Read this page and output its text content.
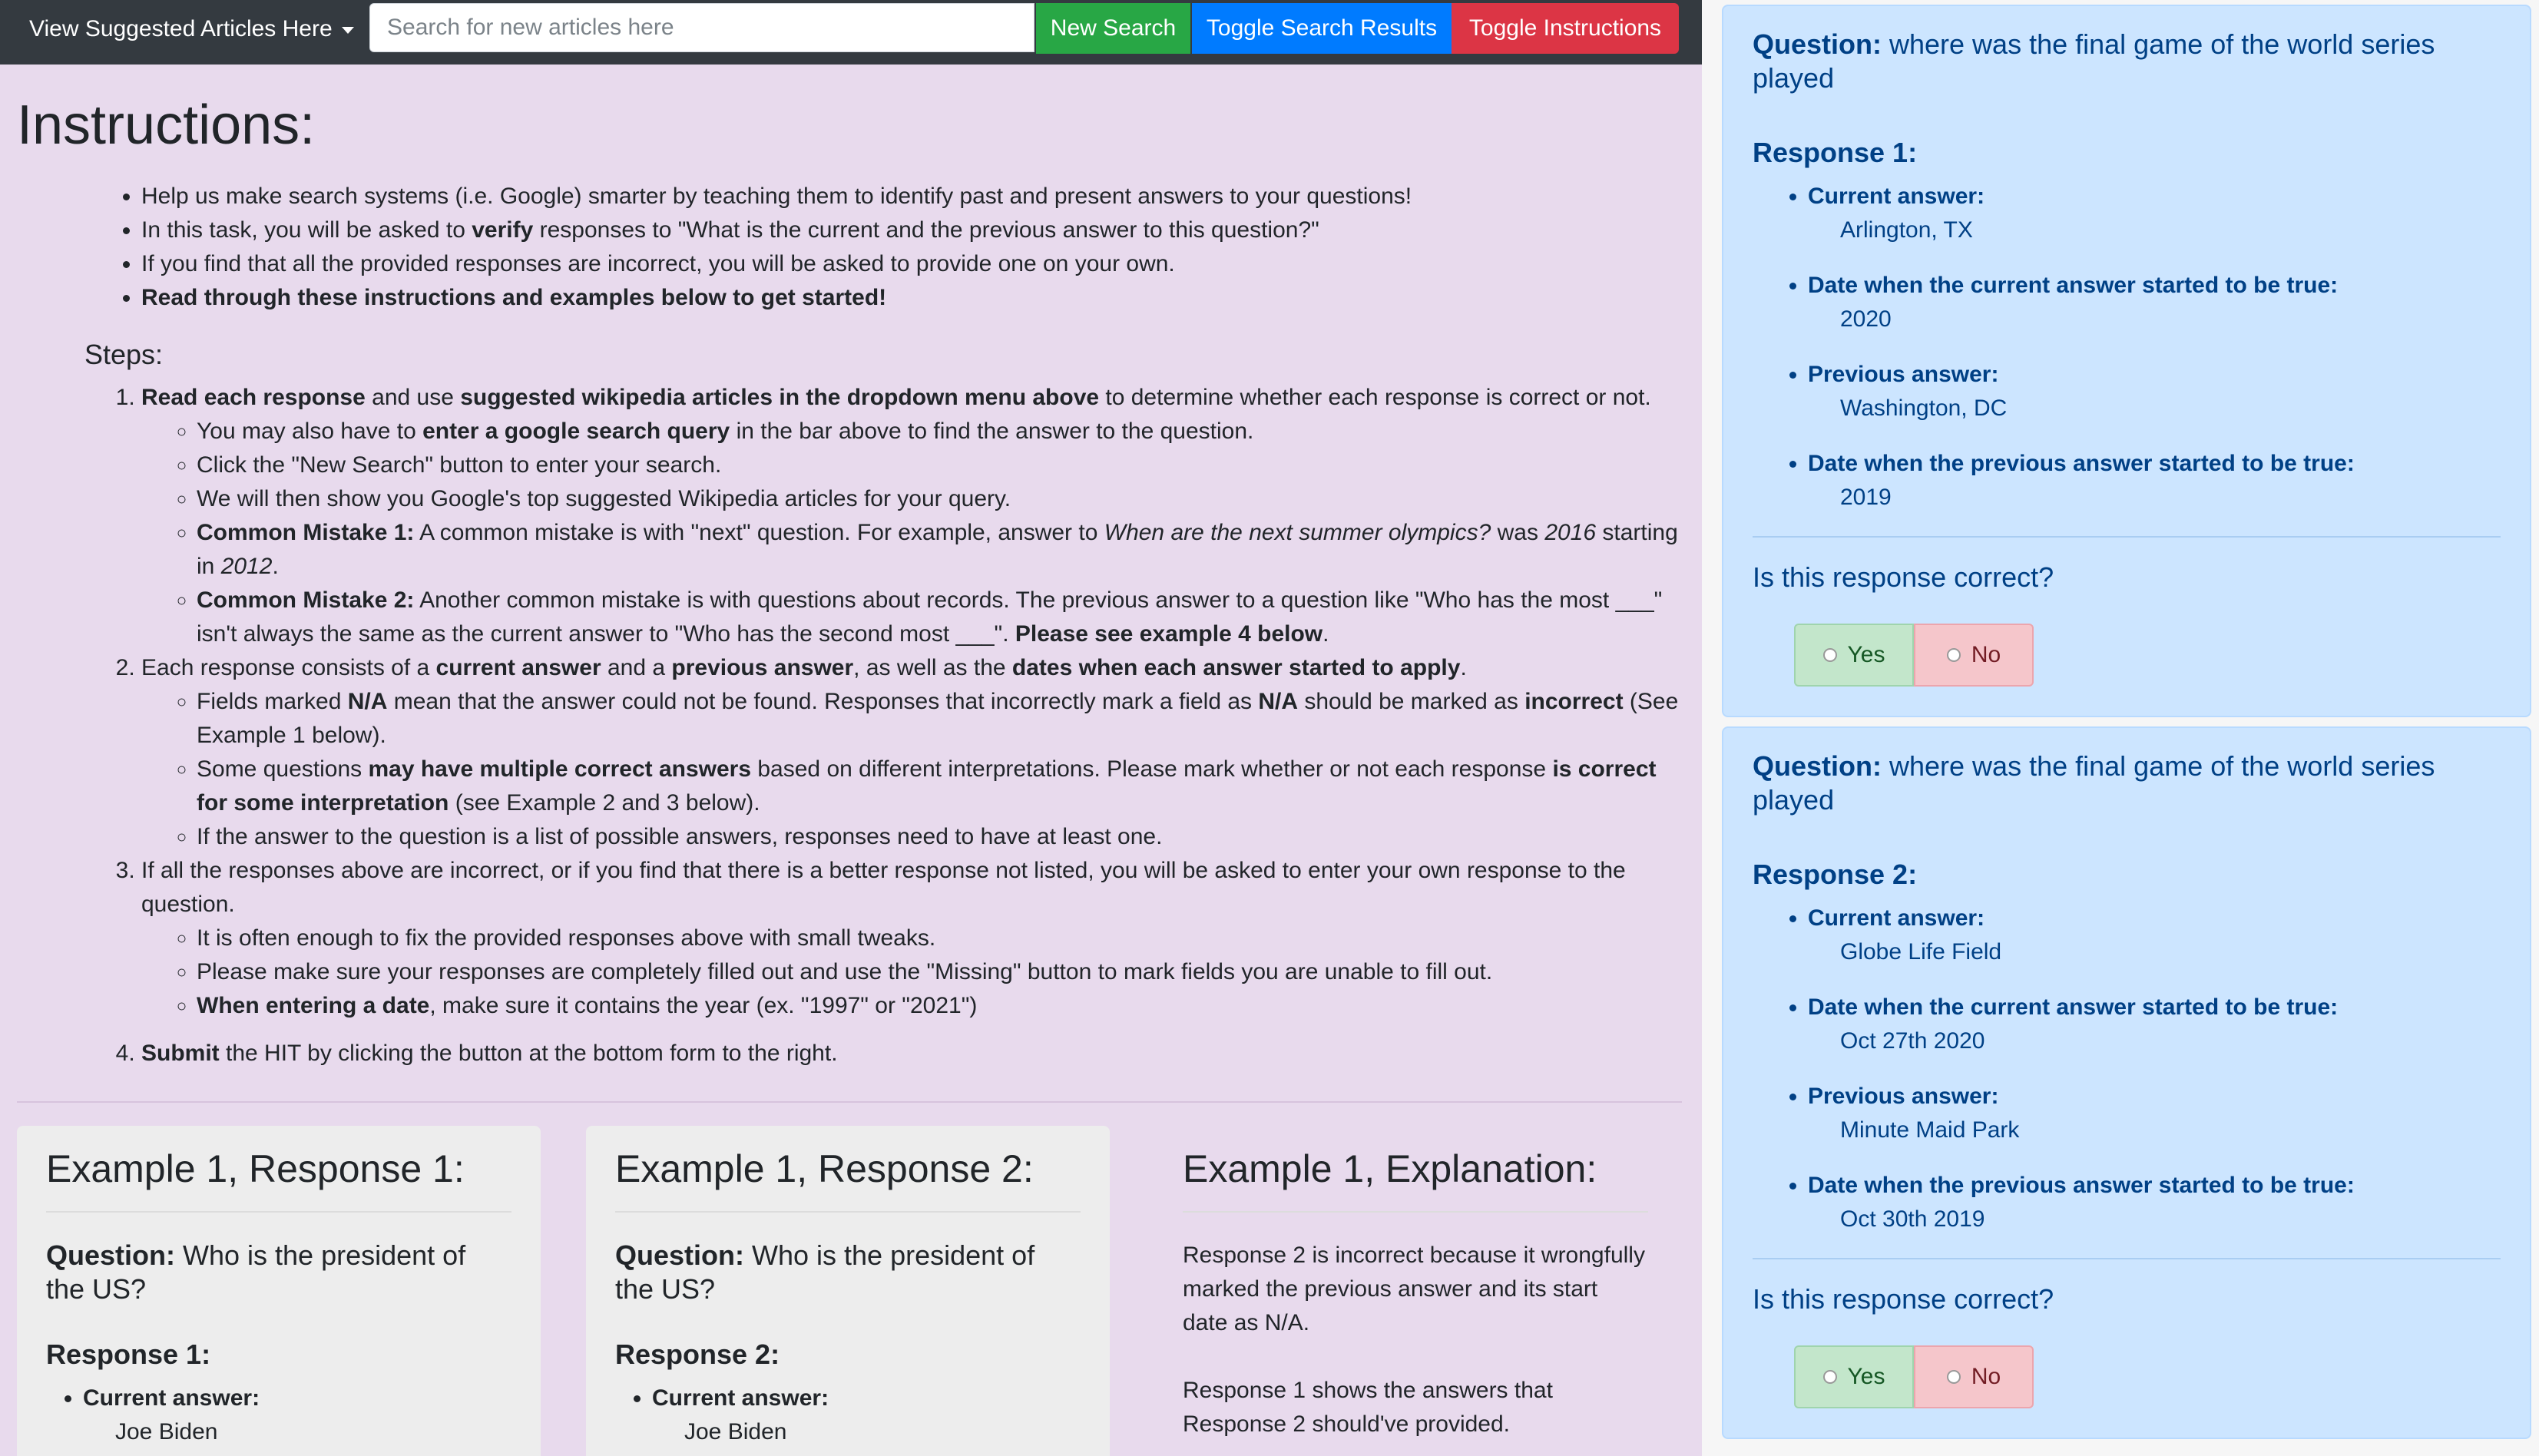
View Suggested Articles Here
Search for new articles here	New Search	Toggle Search Results	Toggle Instructions
Instructions:
• Help us make search systems (i.e. Google) smarter by teaching them to identify past and present answers to your questions!
• In this task, you will be asked to verify responses to "What is the current and the previous answer to this question?"
• If you find that all the provided responses are incorrect, you will be asked to provide one on your own.
• Read through these instructions and examples below to get started!
Steps:
1. Read each response and use suggested wikipedia articles in the dropdown menu above to determine whether each response is correct or not.
◦ You may also have to enter a google search query in the bar above to find the answer to the question.
◦ Click the "New Search" button to enter your search.
◦ We will then show you Google's top suggested Wikipedia articles for your query.
◦ Common Mistake 1: A common mistake is with "next" question. For example, answer to When are the next summer olympics? was 2016 starting in 2012.
◦ Common Mistake 2: Another common mistake is with questions about records. The previous answer to a question like "Who has the most ___" isn't always the same as the current answer to "Who has the second most ___". Please see example 4 below.
2. Each response consists of a current answer and a previous answer, as well as the dates when each answer started to apply.
◦ Fields marked N/A mean that the answer could not be found. Responses that incorrectly mark a field as N/A should be marked as incorrect (See Example 1 below).
◦ Some questions may have multiple correct answers based on different interpretations. Please mark whether or not each response is correct for some interpretation (see Example 2 and 3 below).
◦ If the answer to the question is a list of possible answers, responses need to have at least one.
3. If all the responses above are incorrect, or if you find that there is a better response not listed, you will be asked to enter your own response to the question.
◦ It is often enough to fix the provided responses above with small tweaks.
◦ Please make sure your responses are completely filled out and use the "Missing" button to mark fields you are unable to fill out.
◦ When entering a date, make sure it contains the year (ex. "1997" or "2021")
4. Submit the HIT by clicking the button at the bottom form to the right.
Example 1, Response 1:
Question: Who is the president of the US?
Response 1:
• Current answer:
Joe Biden
Example 1, Response 2:
Question: Who is the president of the US?
Response 2:
• Current answer:
Joe Biden
Example 1, Explanation:
Response 2 is incorrect because it wrongfully marked the previous answer and its start date as N/A.
Response 1 shows the answers that Response 2 should've provided.
Question: where was the final game of the world series played
Response 1:
• Current answer:
Arlington, TX
• Date when the current answer started to be true:
2020
• Previous answer:
Washington, DC
• Date when the previous answer started to be true:
2019
Is this response correct?
Yes	No
Question: where was the final game of the world series played
Response 2:
• Current answer:
Globe Life Field
• Date when the current answer started to be true:
Oct 27th 2020
• Previous answer:
Minute Maid Park
• Date when the previous answer started to be true:
Oct 30th 2019
Is this response correct?
Yes	No
